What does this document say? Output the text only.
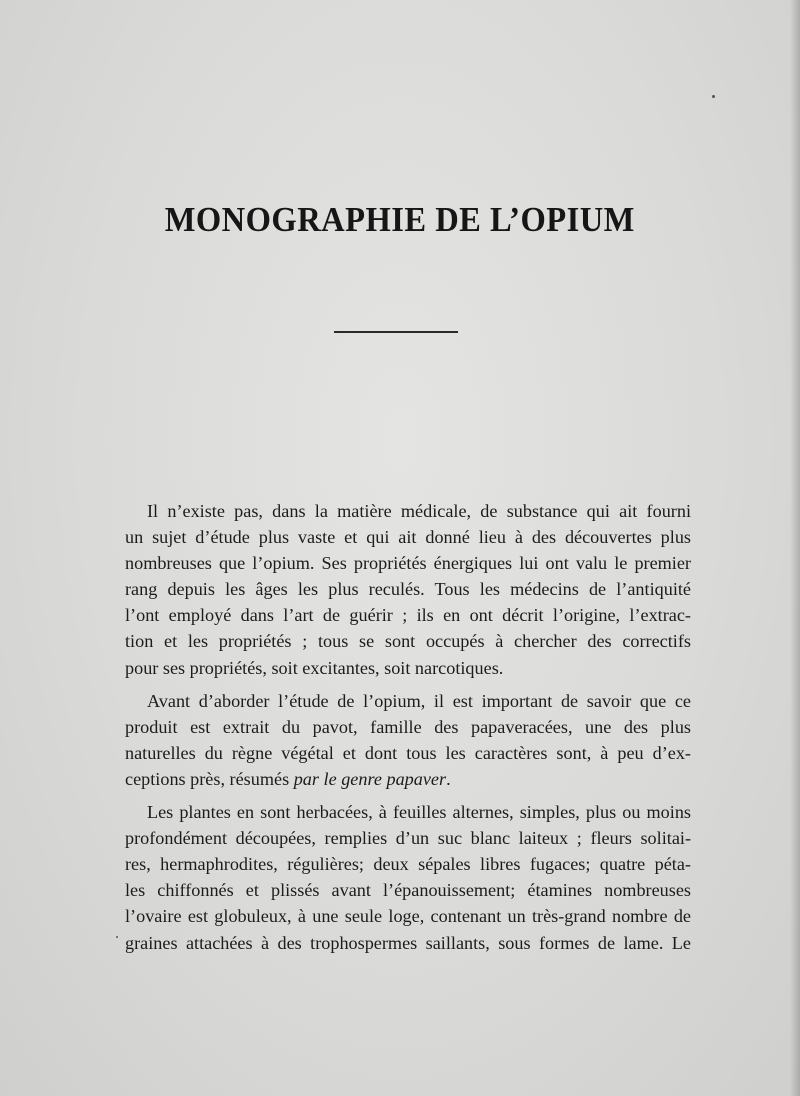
MONOGRAPHIE DE L’OPIUM
Il n’existe pas, dans la matière médicale, de substance qui ait fourni
un sujet d’étude plus vaste et qui ait donné lieu à des découvertes plus
nombreuses que l’opium. Ses propriétés énergiques lui ont valu le premier
rang depuis les âges les plus reculés. Tous les médecins de l’antiquité
l’ont employé dans l’art de guérir ; ils en ont décrit l’origine, l’extrac-
tion et les propriétés ; tous se sont occupés à chercher des correctifs
pour ses propriétés, soit excitantes, soit narcotiques.
Avant d’aborder l’étude de l’opium, il est important de savoir que ce
produit est extrait du pavot, famille des papaveracées, une des plus
naturelles du règne végétal et dont tous les caractères sont, à peu d’ex-
ceptions près, résumés par le genre papaver.
Les plantes en sont herbacées, à feuilles alternes, simples, plus ou moins
profondément découpées, remplies d’un suc blanc laiteux ; fleurs solitai-
res, hermaphrodites, régulières; deux sépales libres fugaces; quatre péta-
les chiffonnés et plissés avant l’épanouissement; étamines nombreuses
l’ovaire est globuleux, à une seule loge, contenant un très-grand nombre de
graines attachées à des trophospermes saillants, sous formes de lame. Le
